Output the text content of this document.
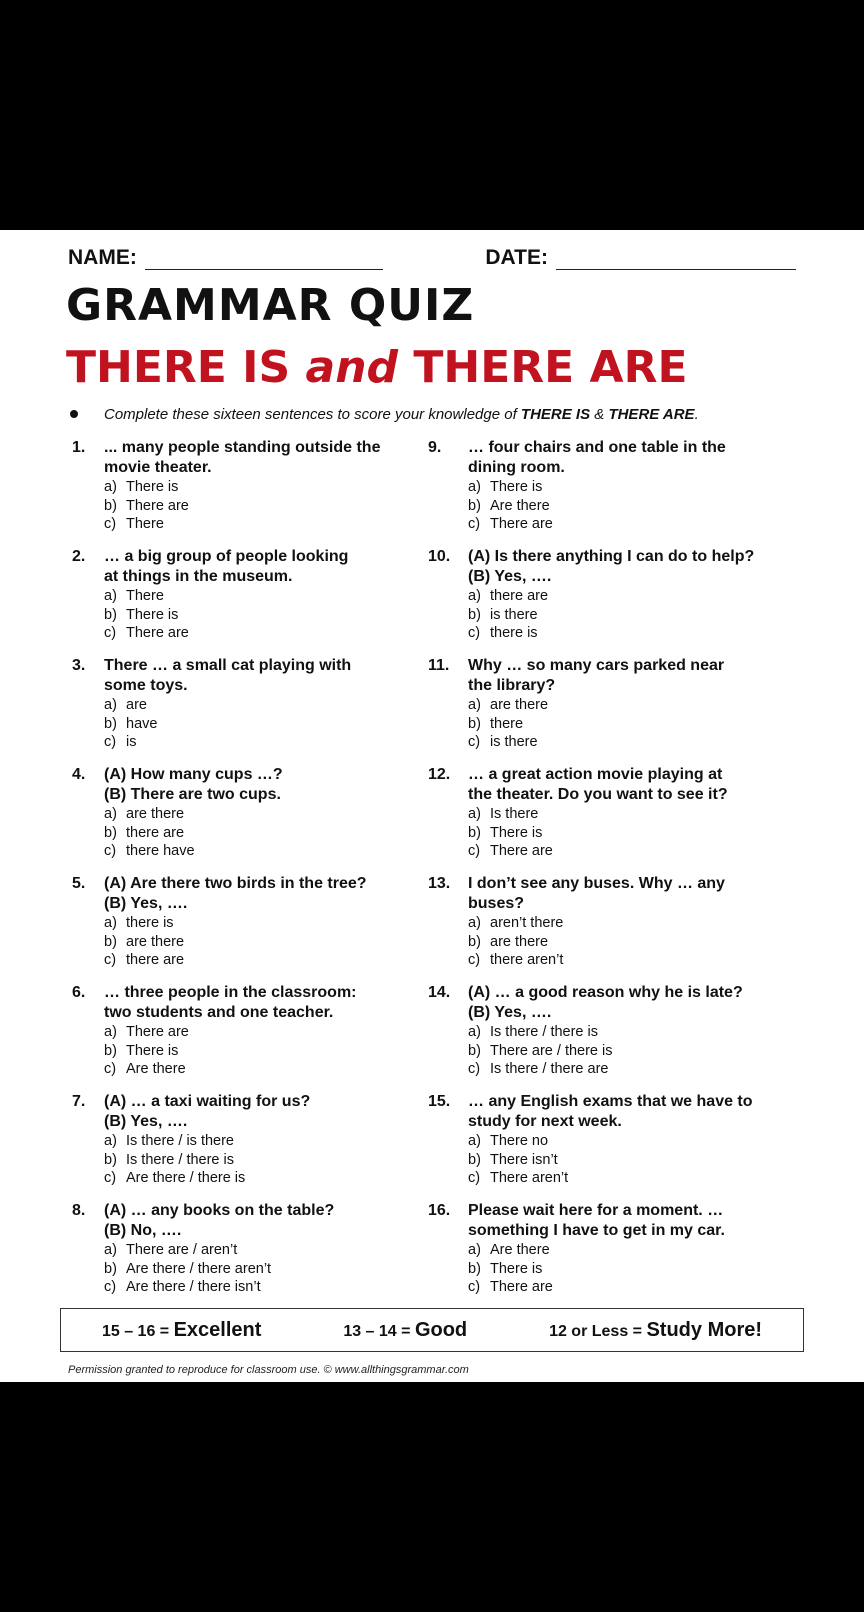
NAME:	DATE:
GRAMMAR QUIZ
THERE IS and THERE ARE
Complete these sixteen sentences to score your knowledge of THERE IS & THERE ARE.
1.	... many people standing outside the
movie theater.
a) There is
b) There are
c) There
9.	… four chairs and one table in the
dining room.
a) There is
b) Are there
c) There are
2.	… a big group of people looking
at things in the museum.
a) There
b) There is
c) There are
10.	(A) Is there anything I can do to help?
(B) Yes, ….
a) there are
b) is there
c) there is
3.	There … a small cat playing with
some toys.
a) are
b) have
c) is
11.	Why … so many cars parked near
the library?
a) are there
b) there
c) is there
4.	(A) How many cups …?
(B) There are two cups.
a) are there
b) there are
c) there have
12.	… a great action movie playing at
the theater. Do you want to see it?
a) Is there
b) There is
c) There are
5.	(A) Are there two birds in the tree?
(B) Yes, ….
a) there is
b) are there
c) there are
13.	I don’t see any buses. Why … any
buses?
a) aren’t there
b) are there
c) there aren’t
6.	… three people in the classroom:
two students and one teacher.
a) There are
b) There is
c) Are there
14.	(A) … a good reason why he is late?
(B) Yes, ….
a) Is there / there is
b) There are / there is
c) Is there / there are
7.	(A) … a taxi waiting for us?
(B) Yes, ….
a) Is there / is there
b) Is there / there is
c) Are there / there is
15.	… any English exams that we have to
study for next week.
a) There no
b) There isn’t
c) There aren’t
8.	(A) … any books on the table?
(B) No, ….
a) There are / aren’t
b) Are there / there aren’t
c) Are there / there isn’t
16.	Please wait here for a moment. …
something I have to get in my car.
a) Are there
b) There is
c) There are
15 – 16 = Excellent	13 – 14 = Good	12 or Less = Study More!
Permission granted to reproduce for classroom use. © www.allthingsgrammar.com
